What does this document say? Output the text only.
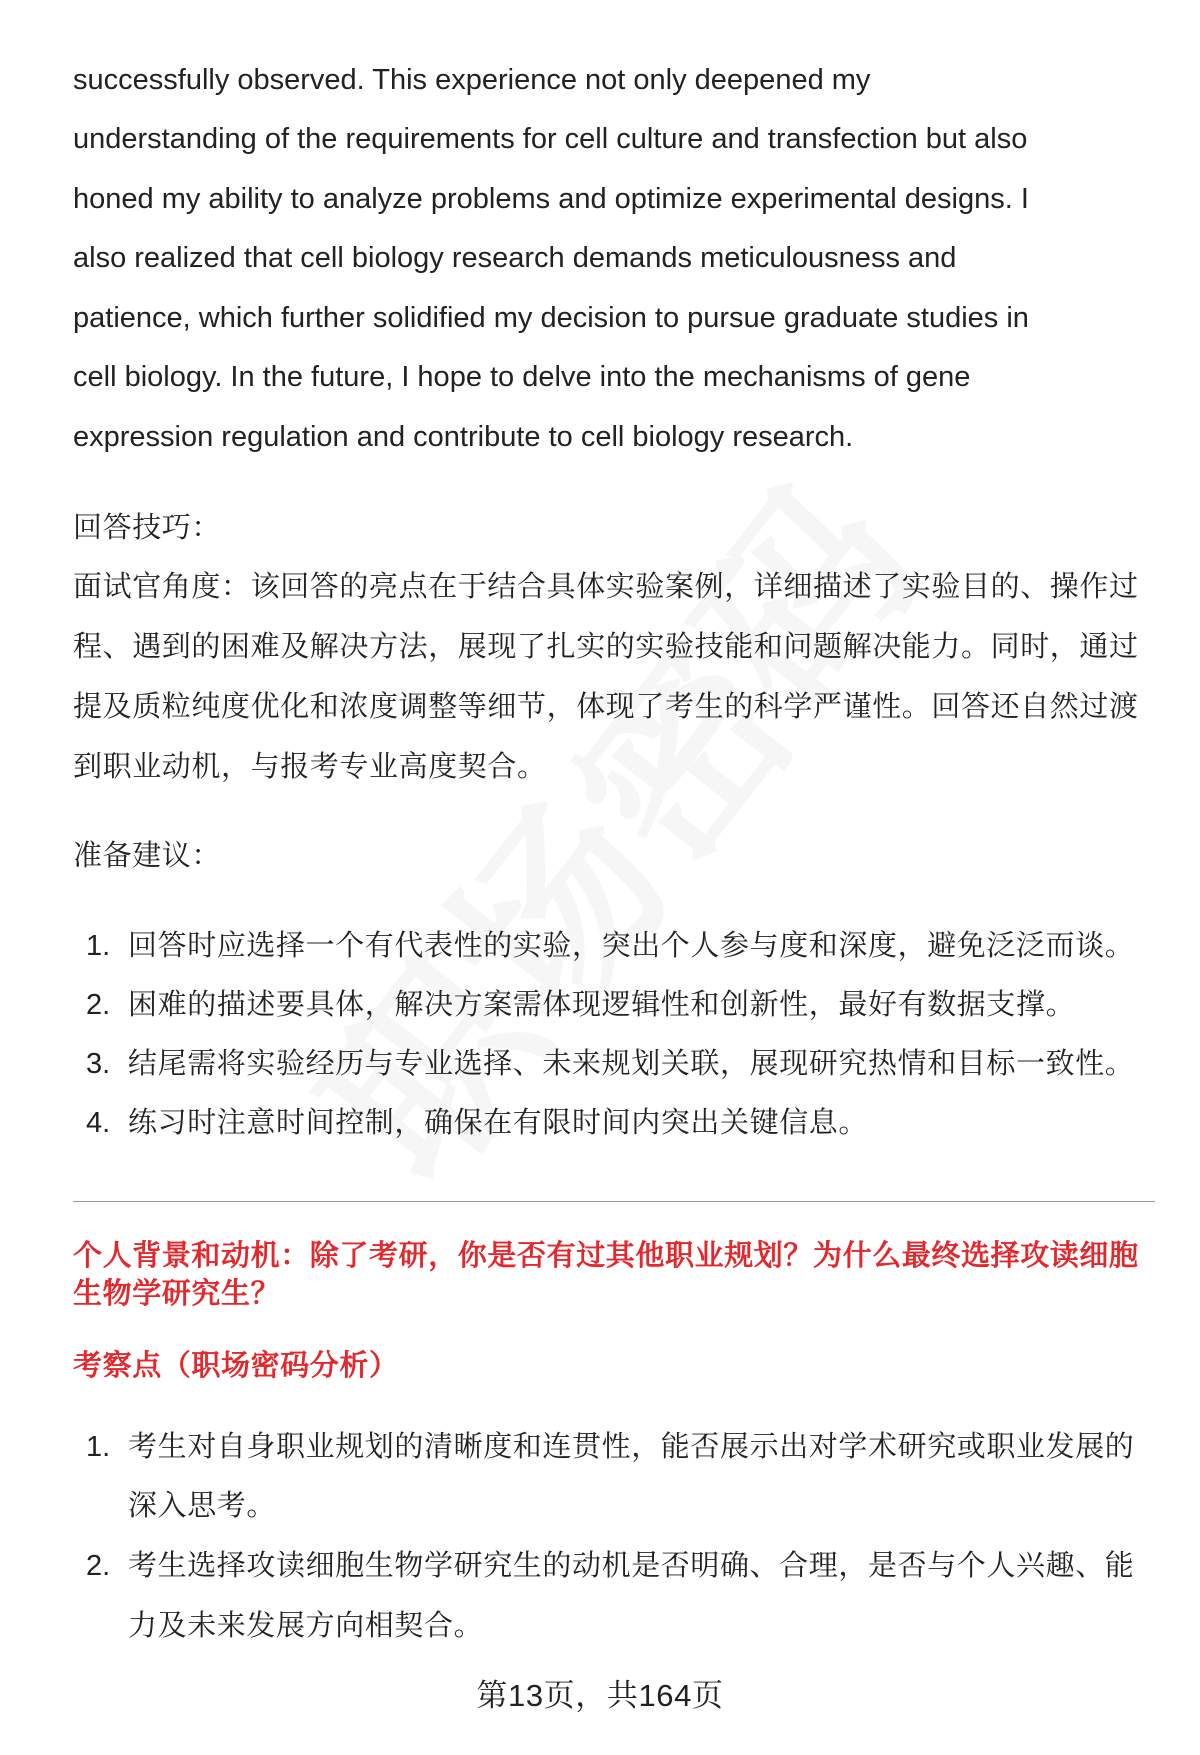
successfully observed. This experience not only deepened my
understanding of the requirements for cell culture and transfection but also
honed my ability to analyze problems and optimize experimental designs. I
also realized that cell biology research demands meticulousness and
patience, which further solidified my decision to pursue graduate studies in
cell biology. In the future, I hope to delve into the mechanisms of gene
expression regulation and contribute to cell biology research.
回答技巧：
面试官角度：该回答的亮点在于结合具体实验案例，详细描述了实验目的、操作过
程、遇到的困难及解决方法，展现了扎实的实验技能和问题解决能力。同时，通过
提及质粒纯度优化和浓度调整等细节，体现了考生的科学严谨性。回答还自然过渡
到职业动机，与报考专业高度契合。
准备建议：
1. 回答时应选择一个有代表性的实验，突出个人参与度和深度，避免泛泛而谈。
2. 困难的描述要具体，解决方案需体现逻辑性和创新性，最好有数据支撑。
3. 结尾需将实验经历与专业选择、未来规划关联，展现研究热情和目标一致性。
4. 练习时注意时间控制，确保在有限时间内突出关键信息。
个人背景和动机：除了考研，你是否有过其他职业规划？为什么最终选择攻读细胞
生物学研究生？
考察点（职场密码分析）
1. 考生对自身职业规划的清晰度和连贯性，能否展示出对学术研究或职业发展的
深入思考。
2. 考生选择攻读细胞生物学研究生的动机是否明确、合理，是否与个人兴趣、能
力及未来发展方向相契合。
第13页，共164页
